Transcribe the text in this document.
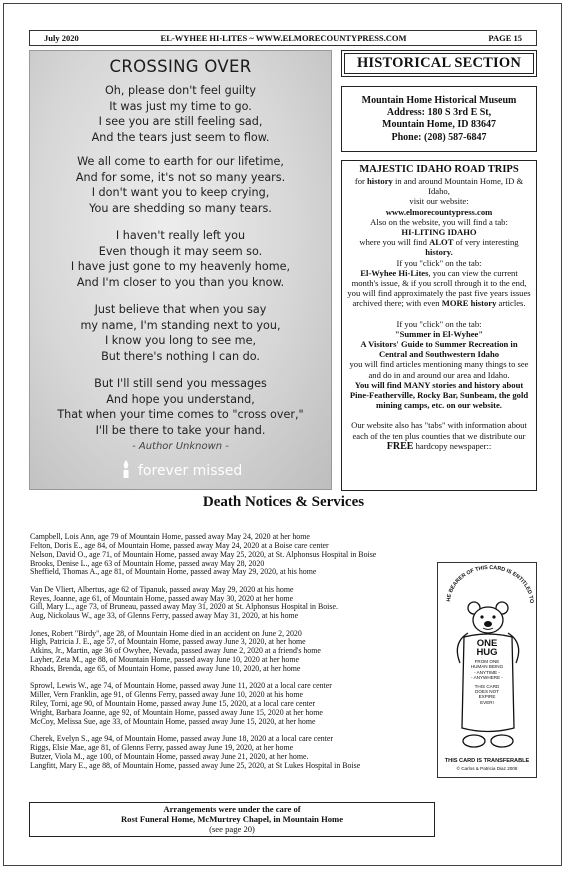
July 2020	EL-WYHEE HI-LITES ~ WWW.ELMORECOUNTYPRESS.COM	PAGE 15
CROSSING OVER
Oh, please don't feel guilty
It was just my time to go.
I see you are still feeling sad,
And the tears just seem to flow.
We all come to earth for our lifetime,
And for some, it's not so many years.
I don't want you to keep crying,
You are shedding so many tears.
I haven't really left you
Even though it may seem so.
I have just gone to my heavenly home,
And I'm closer to you than you know.
Just believe that when you say
my name, I'm standing next to you,
I know you long to see me,
But there's nothing I can do.
But I'll still send you messages
And hope you understand,
That when your time comes to "cross over,"
I'll be there to take your hand.
- Author Unknown -
forever missed
HISTORICAL SECTION
Mountain Home Historical Museum
Address: 180 S 3rd E St,
Mountain Home, ID 83647
Phone: (208) 587-6847
MAJESTIC IDAHO ROAD TRIPS
for history in and around Mountain Home, ID & Idaho,
visit our website:
www.elmorecountypress.com
Also on the website, you will find a tab:
HI-LITING IDAHO
where you will find ALOT of very interesting
history.
If you "click" on the tab:
El-Wyhee Hi-Lites, you can view the current month's issue, & if you scroll through it to the end, you will find approximately the past five years issues archived there; with even MORE history articles.
If you "click" on the tab:
"Summer in El-Wyhee"
A Visitors' Guide to Summer Recreation in Central and Southwestern Idaho
you will find articles mentioning many things to see and do in and around our area and Idaho.
You will find MANY stories and history about Pine-Featherville, Rocky Bar, Sunbeam, the gold mining camps, etc. on our website.
Our website also has "tabs" with information about each of the ten plus counties that we distribute our FREE hardcopy newspaper::
Death Notices & Services
Campbell, Lois Ann, age 79 of Mountain Home, passed away May 24, 2020 at her home
Felton, Doris E., age 84, of Mountain Home, passed away May 24, 2020 at a Boise care center
Nelson, David O., age 71, of Mountain Home, passed away May 25, 2020, at St. Alphonsus Hospital in Boise
Brooks, Denise L., age 63 of Mountain Home, passed away May 28, 2020
Sheffield, Thomas A., age 81, of Mountain Home, passed away May 29, 2020, at his home
Van De Vliert, Albertus, age 62 of Tipanuk, passed away May 29, 2020 at his home
Reyes, Joanne, age 61, of Mountain Home, passed away May 30, 2020 at her home
Gill, Mary L., age 73, of Bruneau, passed away May 31, 2020 at St. Alphonsus Hospital in Boise.
Aug, Nickolaus W., age 33, of Glenns Ferry, passed away May 31, 2020, at his home
Jones, Robert "Birdy", age 28, of Mountain Home died in an accident on June 2, 2020
High, Patricia J. E., age 57, of Mountain Home, passed away June 3, 2020, at her home
Atkins, Jr., Martin, age 36 of Owyhee, Nevada, passed away June 2, 2020 at a friend's home
Layher, Zeta M., age 88, of Mountain Home, passed away June 10, 2020 at her home
Rhoads, Brenda, age 65, of Mountain Home, passed away June 10, 2020, at her home
Sprowl, Lewis W., age 74, of Mountain Home, passed away June 11, 2020 at a local care center
Miller, Vern Franklin, age 91, of Glenns Ferry, passed away June 10, 2020 at his home
Riley, Torni, age 90, of Mountain Home, passed away June 15, 2020, at a local care center
Wright, Barbara Joanne, age 92, of Mountain Home, passed away June 15, 2020 at her home
McCoy, Melissa Sue, age 33, of Mountain Home, passed away June 15, 2020, at her home
Cherek, Evelyn S., age 94, of Mountain Home, passed away June 18, 2020 at a local care center
Riggs, Elsie Mae, age 81, of Glenns Ferry, passed away June 19, 2020, at her home
Butzer, Viola M., age 100, of Mountain Home, passed away June 21, 2020, at her home.
Langfitt, Mary E., age 88, of Mountain Home, passed away June 25, 2020, at St Lukes Hospital in Boise
HE BEARER OF THIS CARD IS ENTITLED TO
ONE
HUG
FROM ONE
HUMAN BEING
- ANYTIME -
- ANYWHERE -
THIS CARD
DOES NOT
EXPIRE
EVER!
THIS CARD IS TRANSFERABLE
© Carlos & Patricia Diaz 2008
Arrangements were under the care of
Rost Funeral Home, McMurtrey Chapel, in Mountain Home
(see page 20)
